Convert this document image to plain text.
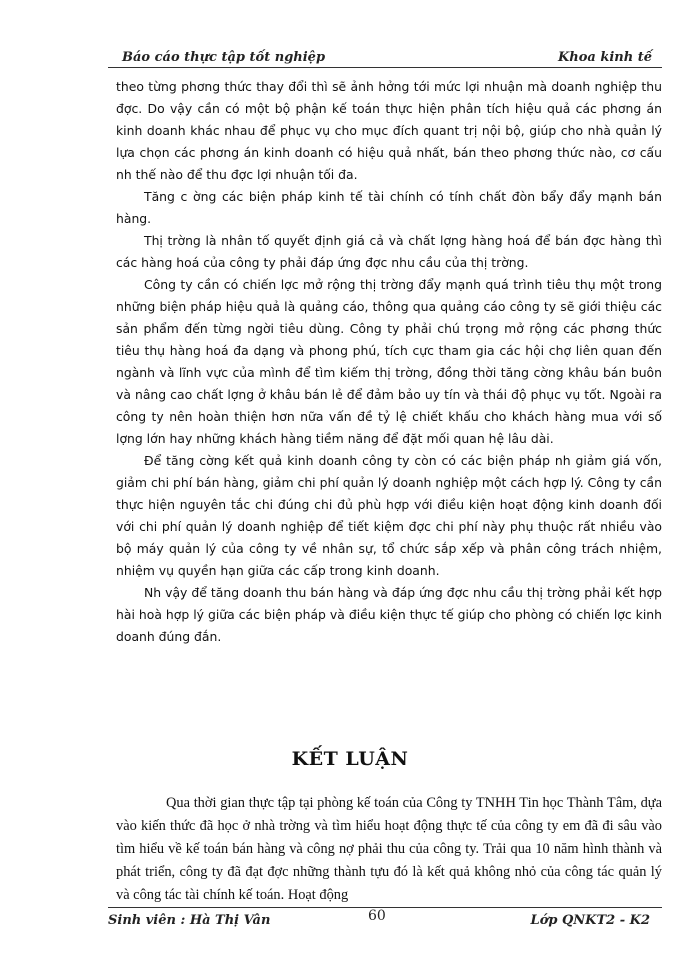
Báo cáo thực tập tốt nghiệp	Khoa kinh tế

theo từng phơng thức thay đổi thì sẽ ảnh hởng tới mức lợi nhuận mà doanh nghiệp thu đợc. Do vậy cần có một bộ phận kế toán thực hiện phân tích hiệu quả các phơng án kinh doanh khác nhau để phục vụ cho mục đích quant trị nội bộ, giúp cho nhà quản lý lựa chọn các phơng án kinh doanh có hiệu quả nhất, bán theo phơng thức nào, cơ cấu nh thế nào để thu đợc lợi nhuận tối đa.

Tăng c ờng các biện pháp kinh tế tài chính có tính chất đòn bẩy đẩy mạnh bán hàng.

Thị trờng là nhân tố quyết định giá cả và chất lợng hàng hoá để bán đợc hàng thì các hàng hoá của công ty phải đáp ứng đợc nhu cầu của thị trờng.

Công ty cần có chiến lợc mở rộng thị trờng đẩy mạnh quá trình tiêu thụ một trong những biện pháp hiệu quả là quảng cáo, thông qua quảng cáo công ty sẽ giới thiệu các sản phẩm đến từng ngời tiêu dùng. Công ty phải chú trọng mở rộng các phơng thức tiêu thụ hàng hoá đa dạng và phong phú, tích cực tham gia các hội chợ liên quan đến ngành và lĩnh vực của mình để tìm kiếm thị trờng, đồng thời tăng cờng khâu bán buôn và nâng cao chất lợng ở khâu bán lẻ để đảm bảo uy tín và thái độ phục vụ tốt. Ngoài ra công ty nên hoàn thiện hơn nữa vấn đề tỷ lệ chiết khấu cho khách hàng mua với số lợng lớn hay những khách hàng tiềm năng để đặt mối quan hệ lâu dài.

Để tăng cờng kết quả kinh doanh công ty còn có các biện pháp nh giảm giá vốn, giảm chi phí bán hàng, giảm chi phí quản lý doanh nghiệp một cách hợp lý. Công ty cần thực hiện nguyên tắc chi đúng chi đủ phù hợp với điều kiện hoạt động kinh doanh đối với chi phí quản lý doanh nghiệp để tiết kiệm đợc chi phí này phụ thuộc rất nhiều vào bộ máy quản lý của công ty về nhân sự, tổ chức sắp xếp và phân công trách nhiệm, nhiệm vụ quyền hạn giữa các cấp trong kinh doanh.

Nh vậy để tăng doanh thu bán hàng và đáp ứng đợc nhu cầu thị trờng phải kết hợp hài hoà hợp lý giữa các biện pháp và điều kiện thực tế giúp cho phòng có chiến lợc kinh doanh đúng đắn.

KẾT LUẬN

Qua thời gian thực tập tại phòng kế toán của Công ty TNHH Tin học Thành Tâm, dựa vào kiến thức đã học ở nhà trờng và tìm hiểu hoạt động thực tế của công ty em đã đi sâu vào tìm hiểu về kế toán bán hàng và công nợ phải thu của công ty. Trải qua 10 năm hình thành và phát triển, công ty đã đạt đợc những thành tựu đó là kết quả không nhỏ của công tác quản lý và công tác tài chính kế toán. Hoạt động

Sinh viên : Hà Thị Vân	60	Lớp QNKT2 - K2
